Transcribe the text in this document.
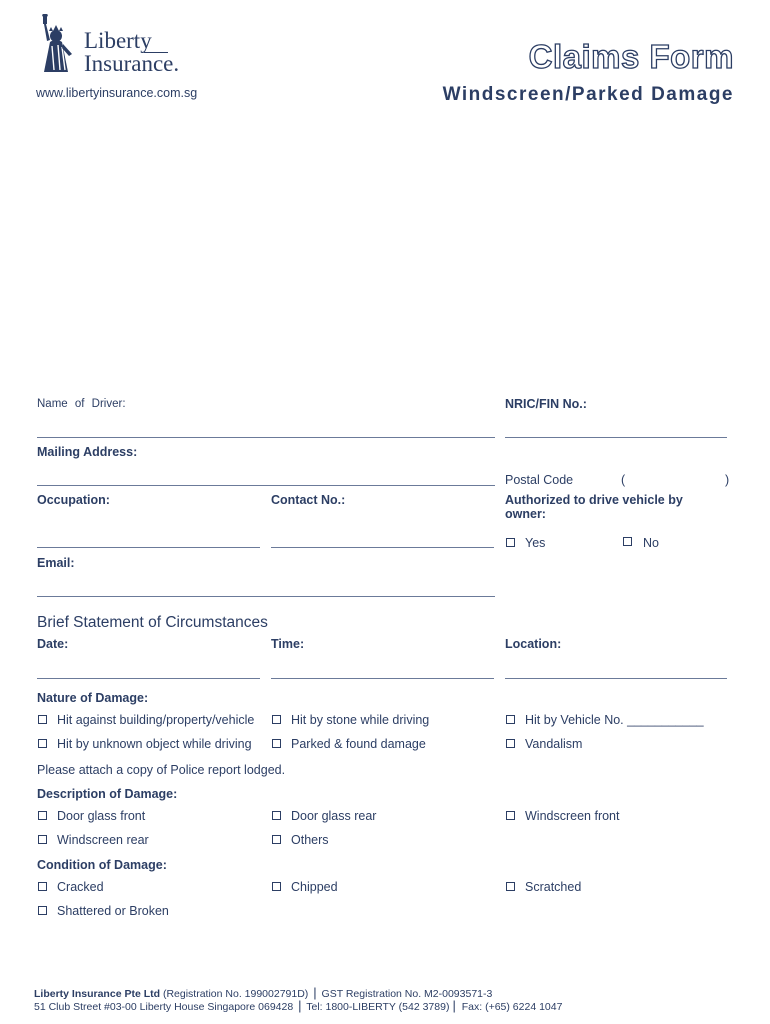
Liberty
Insurance.
www.libertyinsurance.com.sg
Claims Form
Windscreen/Parked Damage
Name of Driver:	NRIC/FIN No.:
Mailing Address:
Postal Code	(	)
Occupation:	Contact No.:	Authorized to drive vehicle by
owner:
Yes	No
Email:
Brief Statement of Circumstances
Date:	Time:	Location:
Nature of Damage:
Hit against building/property/vehicle	Hit by stone while driving	Hit by Vehicle No. ___________
Hit by unknown object while driving	Parked & found damage	Vandalism
Please attach a copy of Police report lodged.
Description of Damage:
Door glass front	Door glass rear	Windscreen front
Windscreen rear	Others
Condition of Damage:
Cracked	Chipped	Scratched
Shattered or Broken
Liberty Insurance Pte Ltd (Registration No. 199002791D) | GST Registration No. M2-0093571-3
51 Club Street #03-00 Liberty House Singapore 069428 | Tel: 1800-LIBERTY (542 3789) | Fax: (+65) 6224 1047
